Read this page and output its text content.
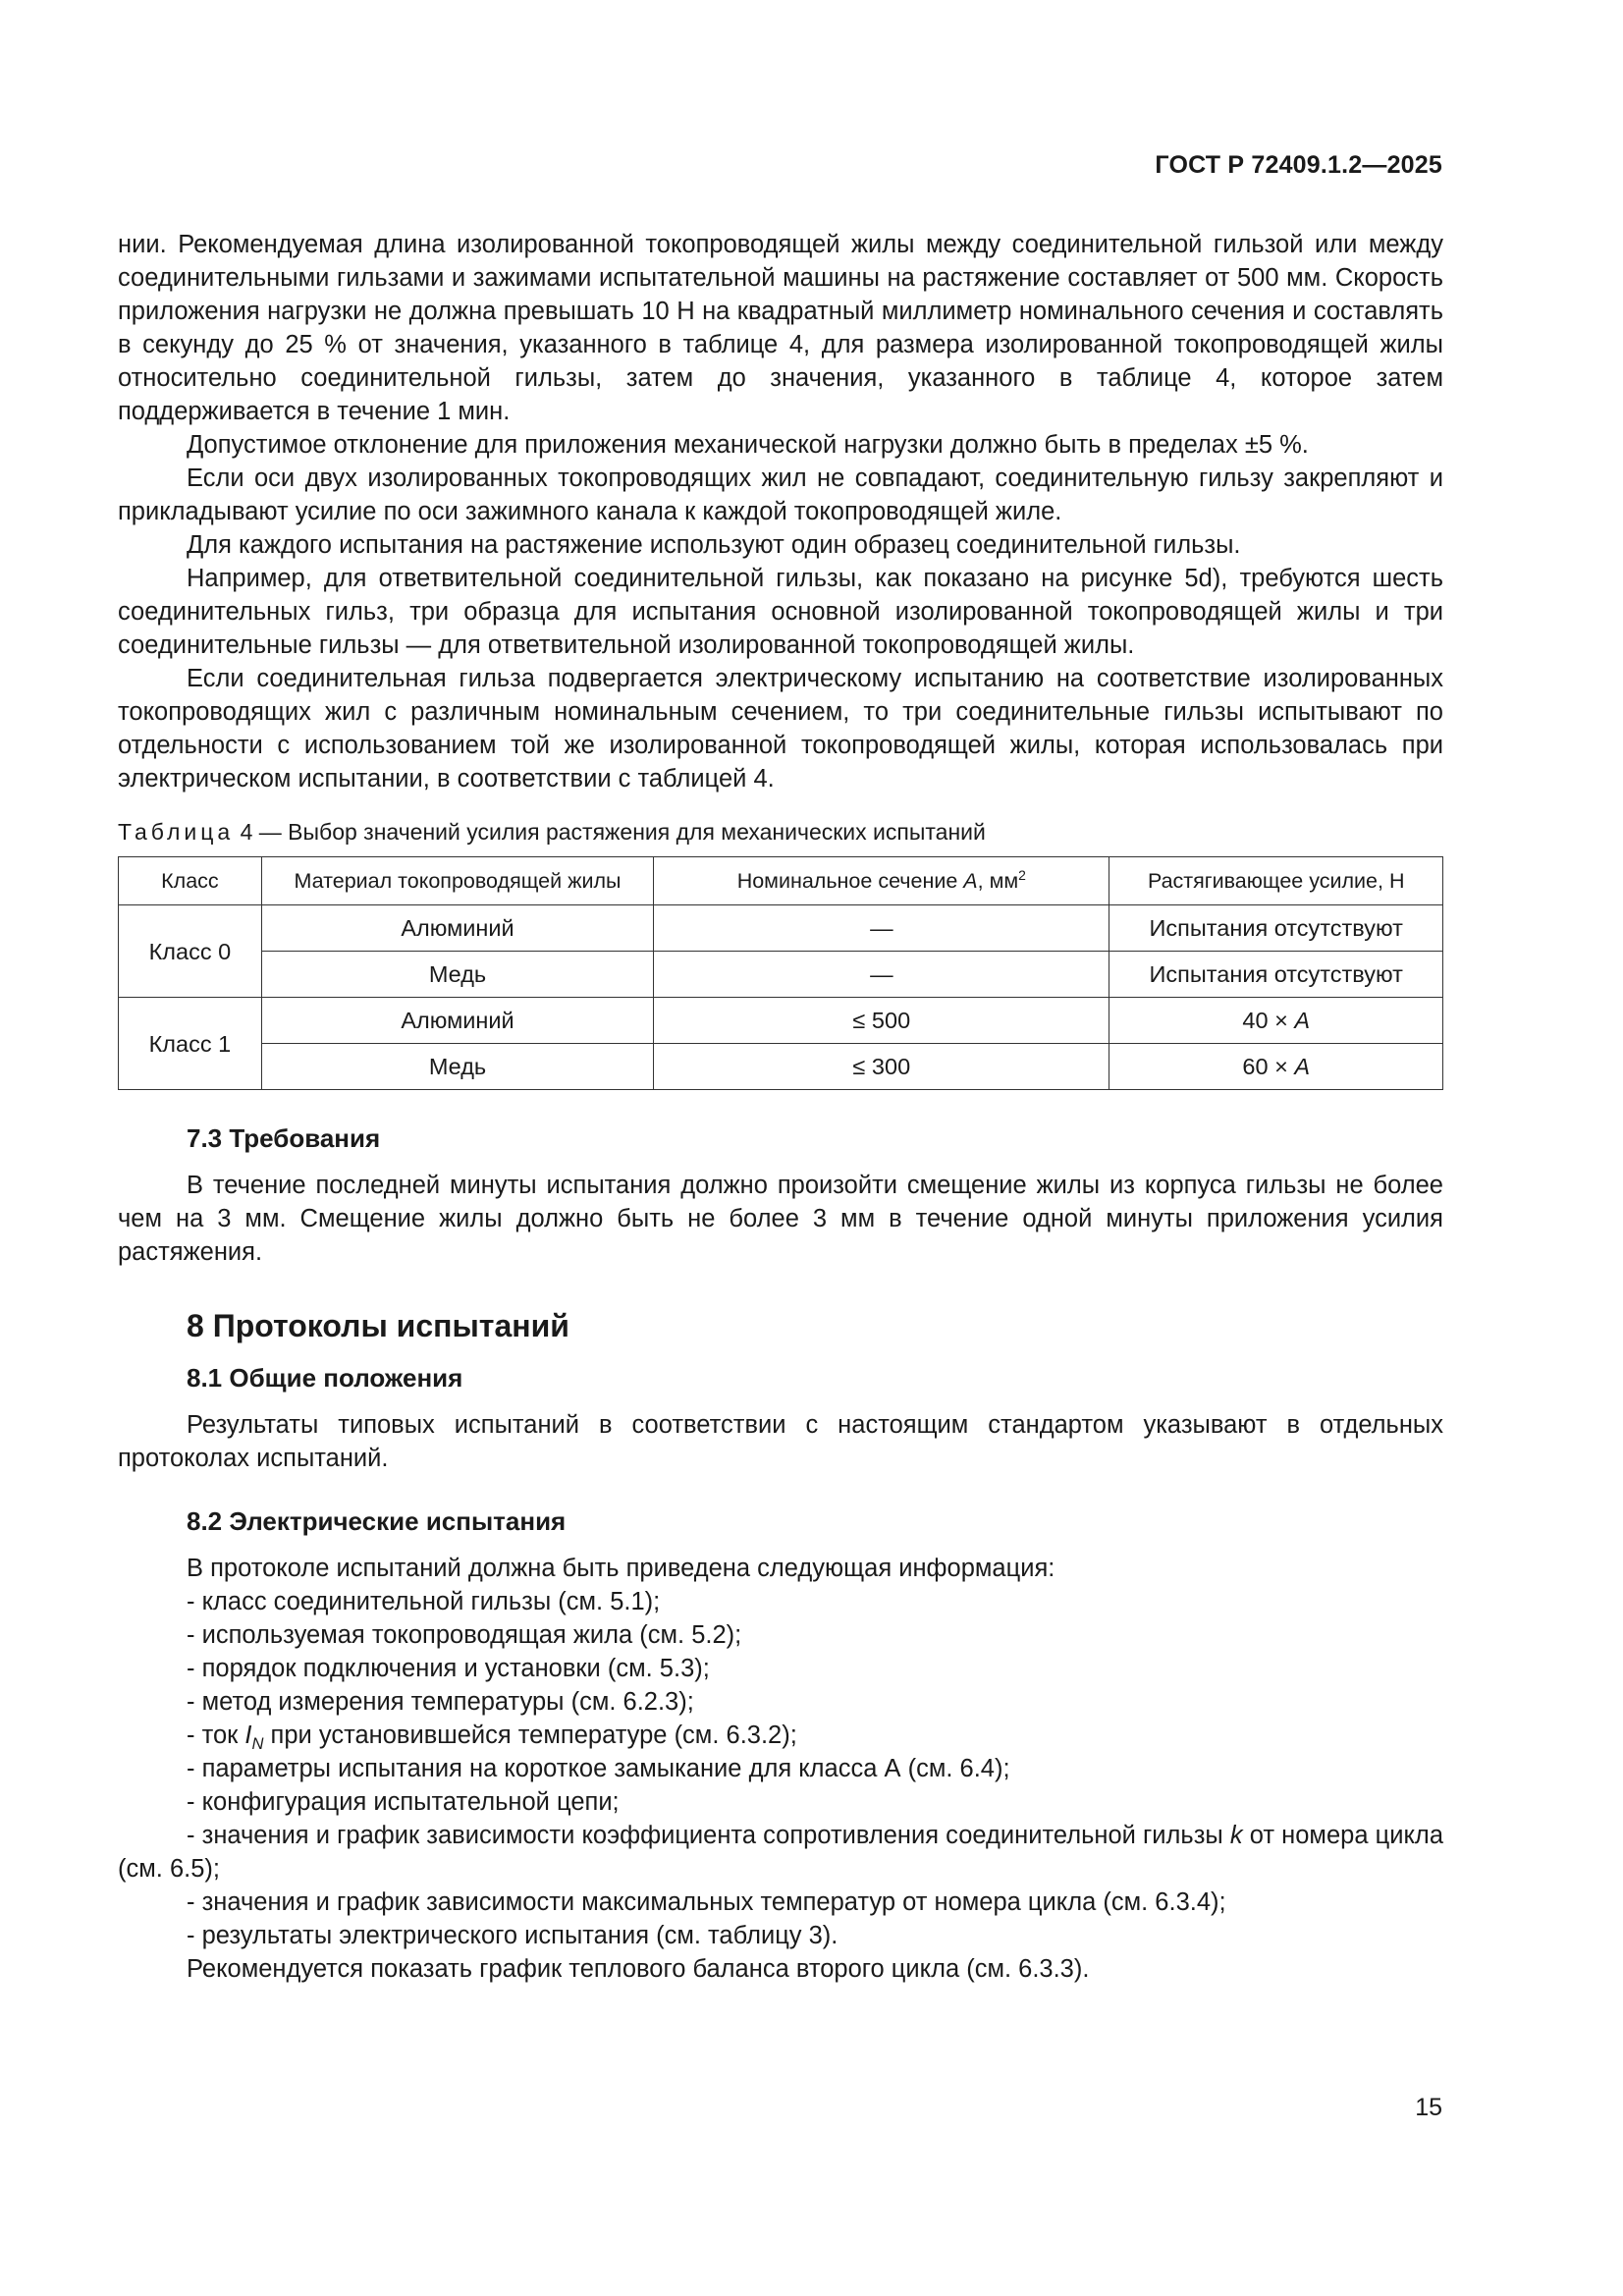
ГОСТ Р 72409.1.2—2025

нии. Рекомендуемая длина изолированной токопроводящей жилы между соединительной гильзой или между соединительными гильзами и зажимами испытательной машины на растяжение составляет от 500 мм. Скорость приложения нагрузки не должна превышать 10 Н на квадратный миллиметр номинального сечения и составлять в секунду до 25 % от значения, указанного в таблице 4, для размера изолированной токопроводящей жилы относительно соединительной гильзы, затем до значения, указанного в таблице 4, которое затем поддерживается в течение 1 мин.

Допустимое отклонение для приложения механической нагрузки должно быть в пределах ±5 %.

Если оси двух изолированных токопроводящих жил не совпадают, соединительную гильзу закрепляют и прикладывают усилие по оси зажимного канала к каждой токопроводящей жиле.

Для каждого испытания на растяжение используют один образец соединительной гильзы.

Например, для ответвительной соединительной гильзы, как показано на рисунке 5d), требуются шесть соединительных гильз, три образца для испытания основной изолированной токопроводящей жилы и три соединительные гильзы — для ответвительной изолированной токопроводящей жилы.

Если соединительная гильза подвергается электрическому испытанию на соответствие изолированных токопроводящих жил с различным номинальным сечением, то три соединительные гильзы испытывают по отдельности с использованием той же изолированной токопроводящей жилы, которая использовалась при электрическом испытании, в соответствии с таблицей 4.

Таблица 4 — Выбор значений усилия растяжения для механических испытаний
Класс	Материал токопроводящей жилы	Номинальное сечение A, $мм^2$	Растягивающее усилие, Н
Класс 0	Алюминий	—	Испытания отсутствуют
	Медь	—	Испытания отсутствуют
Класс 1	Алюминий	≤ 500	40 × A
	Медь	≤ 300	60 × A
7.3 Требования

В течение последней минуты испытания должно произойти смещение жилы из корпуса гильзы не более чем на 3 мм. Смещение жилы должно быть не более 3 мм в течение одной минуты приложения усилия растяжения.

8 Протоколы испытаний
8.1 Общие положения

Результаты типовых испытаний в соответствии с настоящим стандартом указывают в отдельных протоколах испытаний.

8.2 Электрические испытания

В протоколе испытаний должна быть приведена следующая информация:

- класс соединительной гильзы (см. 5.1);

- используемая токопроводящая жила (см. 5.2);

- порядок подключения и установки (см. 5.3);

- метод измерения температуры (см. 6.2.3);

- ток $I_N$ при установившейся температуре (см. 6.3.2);

- параметры испытания на короткое замыкание для класса А (см. 6.4);

- конфигурация испытательной цепи;

- значения и график зависимости коэффициента сопротивления соединительной гильзы k от номера цикла (см. 6.5);

- значения и график зависимости максимальных температур от номера цикла (см. 6.3.4);

- результаты электрического испытания (см. таблицу 3).

Рекомендуется показать график теплового баланса второго цикла (см. 6.3.3).

15
